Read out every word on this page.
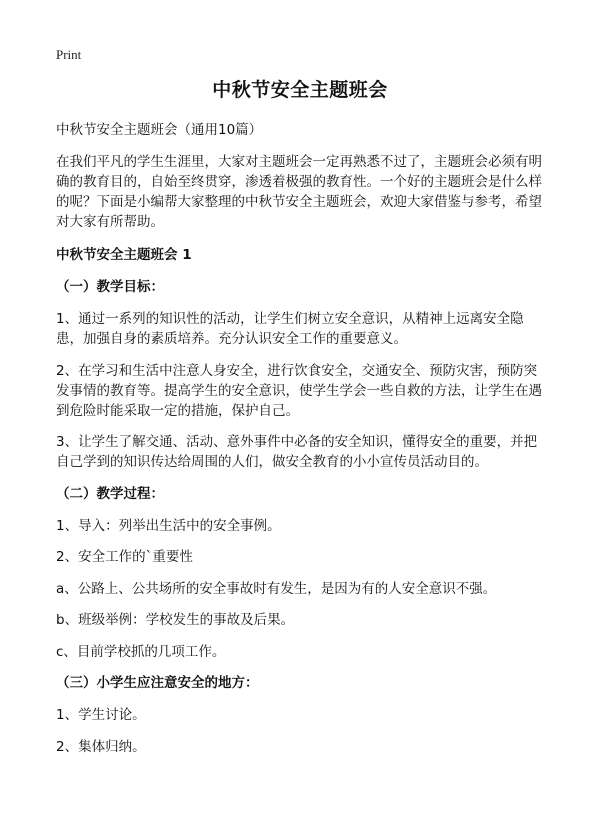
Print
中秋节安全主题班会

中秋节安全主题班会（通用10篇）

在我们平凡的学生生涯里，大家对主题班会一定再熟悉不过了，主题班会必须有明确的教育目的，自始至终贯穿，渗透着极强的教育性。一个好的主题班会是什么样的呢？下面是小编帮大家整理的中秋节安全主题班会，欢迎大家借鉴与参考，希望对大家有所帮助。

中秋节安全主题班会 1

（一）教学目标：

1、通过一系列的知识性的活动，让学生们树立安全意识，从精神上远离安全隐患，加强自身的素质培养。充分认识安全工作的重要意义。

2、在学习和生活中注意人身安全，进行饮食安全，交通安全、预防灾害，预防突发事情的教育等。提高学生的安全意识，使学生学会一些自救的方法，让学生在遇到危险时能采取一定的措施，保护自己。

3、让学生了解交通、活动、意外事件中必备的安全知识，懂得安全的重要，并把自己学到的知识传达给周围的人们，做安全教育的小小宣传员活动目的。

（二）教学过程：

1、导入：列举出生活中的安全事例。

2、安全工作的`重要性

a、公路上、公共场所的安全事故时有发生，是因为有的人安全意识不强。

b、班级举例：学校发生的事故及后果。

c、目前学校抓的几项工作。

（三）小学生应注意安全的地方：

1、学生讨论。

2、集体归纳。
